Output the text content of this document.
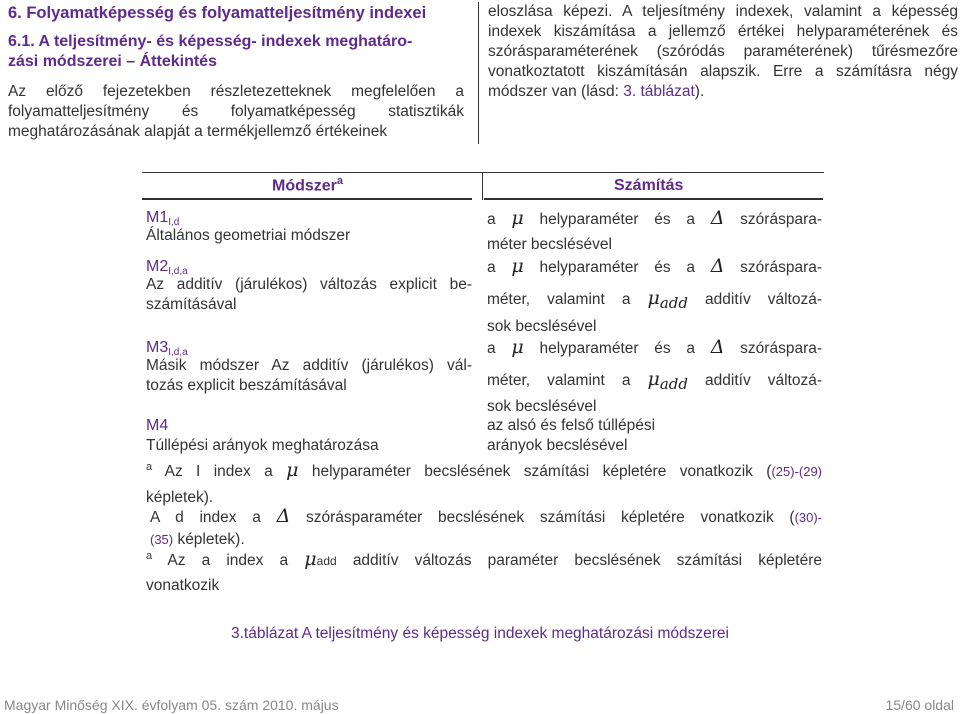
6. Folyamatképesség és folyamatteljesítmény indexei
6.1. A teljesítmény- és képesség- indexek meghatáro-
zási módszerei – Áttekintés
Az előző fejezetekben részletezetteknek megfelelően a folyamatteljesítmény és folyamatképesség statisztikák meghatározásának alapját a termékjellemző értékeinek
eloszlása képezi. A teljesítmény indexek, valamint a képesség indexek kiszámítása a jellemző értékei helyparaméterének és szórásparaméterének (szóródás paraméterének) tűrésmezőre vonatkoztatott kiszámításán alapszik. Erre a számításra négy módszer van (lásd: 3. táblázat).
Módszer$^a$	Számítás
$M1_{I,d}$
Általános geometriai módszer
a μ helyparaméter és a Δ szóráspara-
méter becslésével
$M2_{I,d,a}$
Az additív (járulékos) változás explicit be-
számításával
a μ helyparaméter és a Δ szóráspara-
méter, valamint a μadd additív változá-
sok becslésével
$M3_{I,d,a}$
Másik módszer Az additív (járulékos) vál-
tozás explicit beszámításával
a μ helyparaméter és a Δ szóráspara-
méter, valamint a μadd additív változá-
sok becslésével
M4
Túllépési arányok meghatározása
az alsó és felső túllépési
arányok becslésével
$^a$ Az I index a μ helyparaméter becslésének számítási képletére vonatkozik ((25)-(29)
képletek).
A d index a Δ szórásparaméter becslésének számítási képletére vonatkozik ((30)-
(35) képletek).
$^a$ Az a index a μadd additív változás paraméter becslésének számítási képletére
vonatkozik
3.táblázat A teljesítmény és képesség indexek meghatározási módszerei
Magyar Minőség XIX. évfolyam 05. szám 2010. május	15/60 oldal
